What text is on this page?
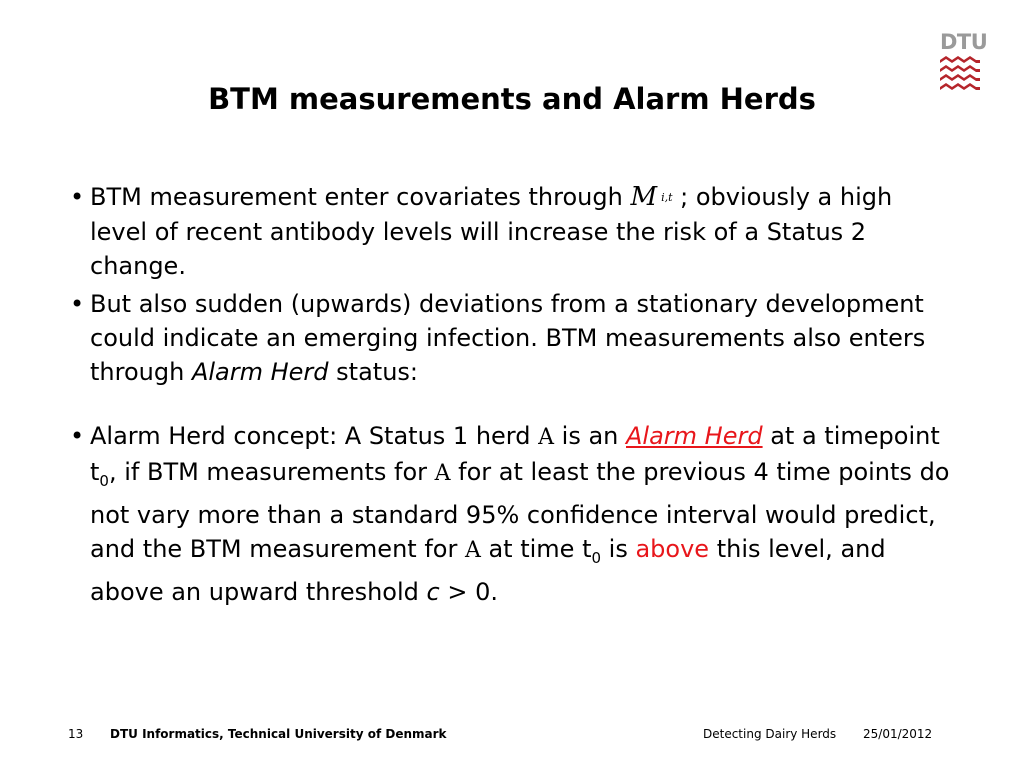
DTU
BTM measurements and Alarm Herds
• BTM measurement enter covariates through M i,t ; obviously a high level of recent antibody levels will increase the risk of a Status 2 change.
• But also sudden (upwards) deviations from a stationary development could indicate an emerging infection. BTM measurements also enters through Alarm Herd status:
• Alarm Herd concept: A Status 1 herd A is an Alarm Herd at a timepoint $t_0$, if BTM measurements for A for at least the previous 4 time points do not vary more than a standard 95% confidence interval would predict, and the BTM measurement for A at time $t_0$ is above this level, and above an upward threshold c > 0.
13 DTU Informatics, Technical University of Denmark	Detecting Dairy Herds 25/01/2012
